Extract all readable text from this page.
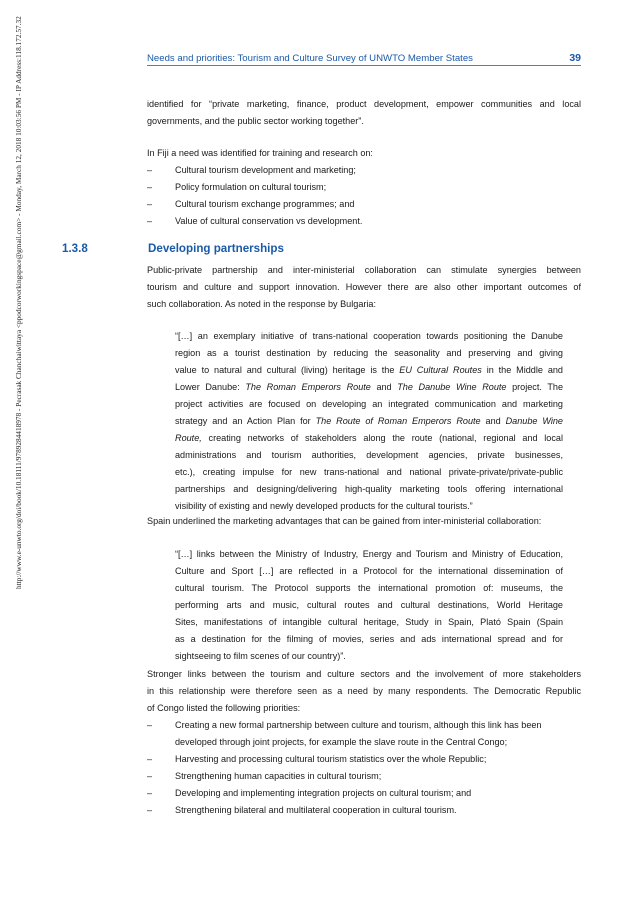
Needs and priorities: Tourism and Culture Survey of UNWTO Member States	39
http://www.e-unwto.org/doi/book/10.18111/9789284418978 - Pecrasak Chanchaiwittaya <ppodcorworkingspace@gmail.com> - Monday, March 12, 2018 10:03:56 PM - IP Address:118.172.57.32	identified for “private marketing, finance, product development, empower communities and local
governments, and the public sector working together”.
In Fiji a need was identified for training and research on:
–	Cultural tourism development and marketing;
–	Policy formulation on cultural tourism;
–	Cultural tourism exchange programmes; and
–	Value of cultural conservation vs development.
1.3.8	Developing partnerships
Public-private partnership and inter-ministerial collaboration can stimulate synergies between
tourism and culture and support innovation. However there are also other important outcomes of
such collaboration. As noted in the response by Bulgaria:
“[…] an exemplary initiative of trans-national cooperation towards positioning the Danube
region as a tourist destination by reducing the seasonality and preserving and giving
value to natural and cultural (living) heritage is the EU Cultural Routes in the Middle and
Lower Danube: The Roman Emperors Route and The Danube Wine Route project. The
project activities are focused on developing an integrated communication and marketing
strategy and an Action Plan for The Route of Roman Emperors Route and Danube Wine
Route, creating networks of stakeholders along the route (national, regional and local
administrations and tourism authorities, development agencies, private businesses,
etc.), creating impulse for new trans-national and national private-private/private-public
partnerships and designing/delivering high-quality marketing tools offering international
visibility of existing and newly developed products for the cultural tourists.”
Spain underlined the marketing advantages that can be gained from inter-ministerial collaboration:
“[…] links between the Ministry of Industry, Energy and Tourism and Ministry of Education,
Culture and Sport […] are reflected in a Protocol for the international dissemination of
cultural tourism. The Protocol supports the international promotion of: museums, the
performing arts and music, cultural routes and cultural destinations, World Heritage
Sites, manifestations of intangible cultural heritage, Study in Spain, Plató Spain (Spain
as a destination for the filming of movies, series and ads international spread and for
sightseeing to film scenes of our country)”.
Stronger links between the tourism and culture sectors and the involvement of more stakeholders
in this relationship were therefore seen as a need by many respondents. The Democratic Republic
of Congo listed the following priorities:
–	Creating a new formal partnership between culture and tourism, although this link has been
developed through joint projects, for example the slave route in the Central Congo;
–	Harvesting and processing cultural tourism statistics over the whole Republic;
–	Strengthening human capacities in cultural tourism;
–	Developing and implementing integration projects on cultural tourism; and
–	Strengthening bilateral and multilateral cooperation in cultural tourism.
